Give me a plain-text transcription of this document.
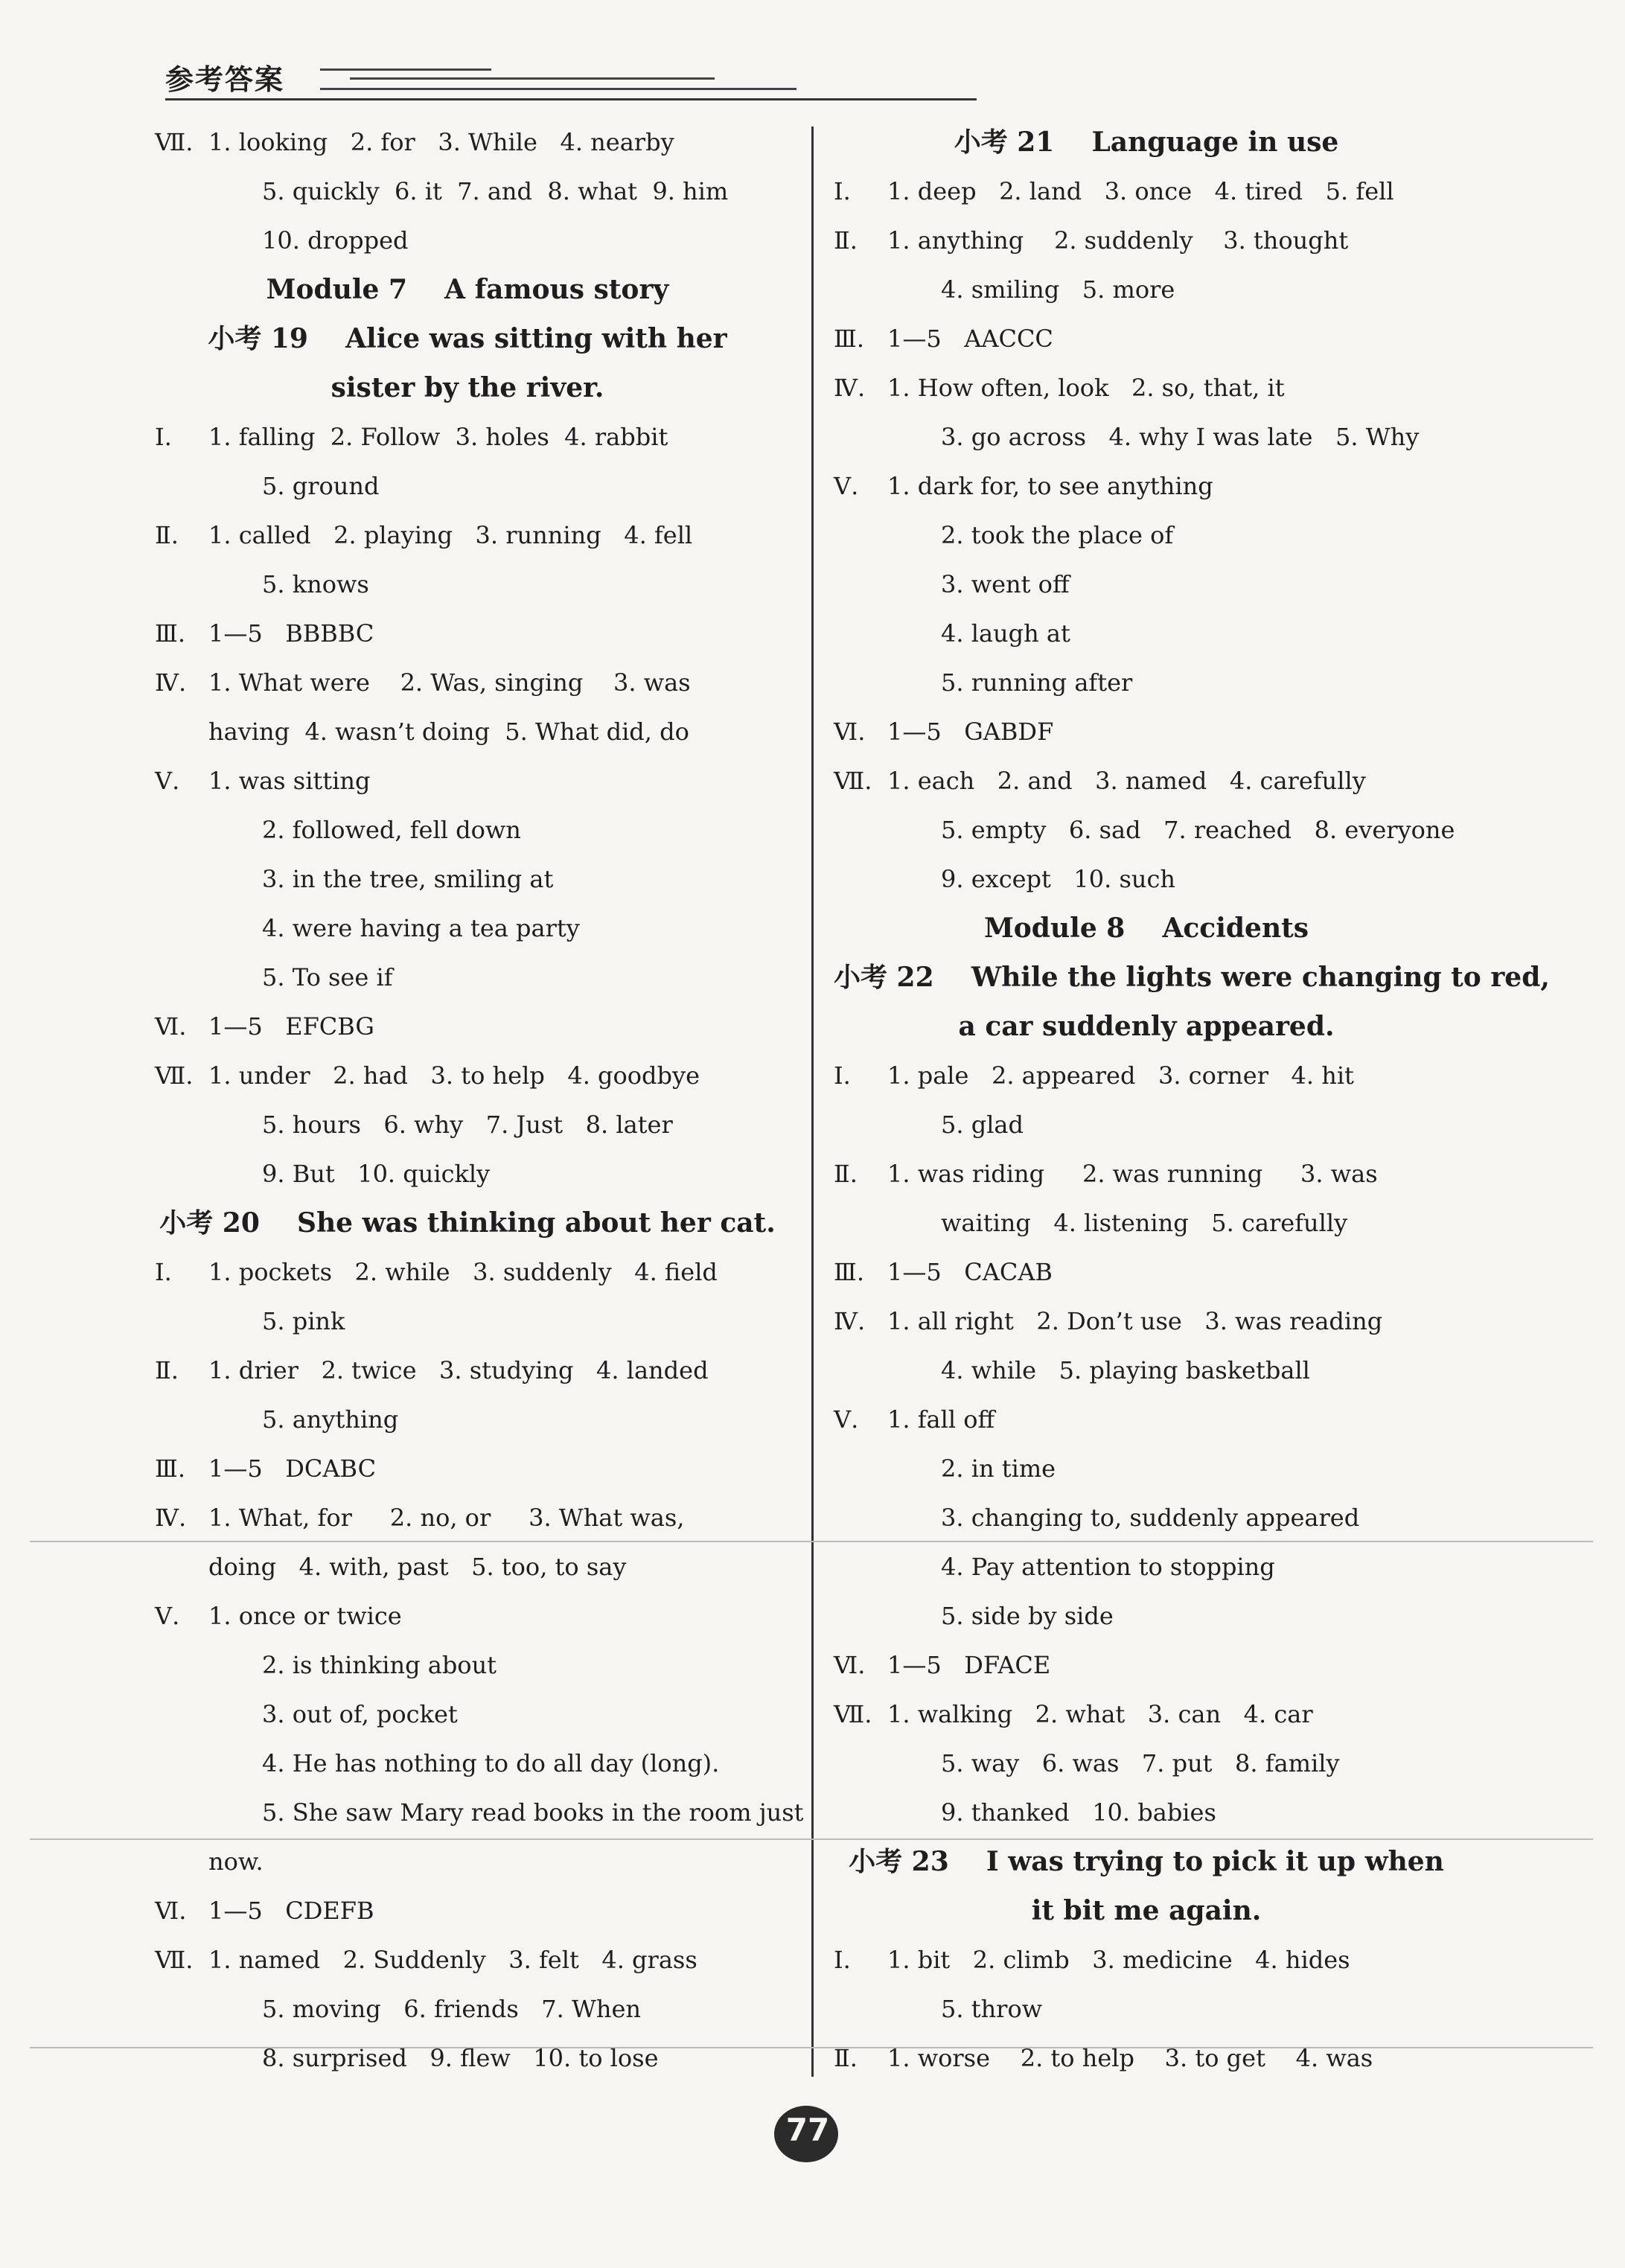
参考答案
Ⅶ. 1. looking   2. for   3. While   4. nearby
5. quickly  6. it  7. and  8. what  9. him
10. dropped
Module 7    A famous story
小考 19    Alice was sitting with her
sister by the river.
Ⅰ. 1. falling  2. Follow  3. holes  4. rabbit
5. ground
Ⅱ. 1. called   2. playing   3. running   4. fell
5. knows
Ⅲ. 1—5   BBBBC
Ⅳ. 1. What were    2. Was, singing    3. was
having  4. wasn’t doing  5. What did, do
Ⅴ. 1. was sitting
2. followed, fell down
3. in the tree, smiling at
4. were having a tea party
5. To see if
Ⅵ. 1—5   EFCBG
Ⅶ. 1. under   2. had   3. to help   4. goodbye
5. hours   6. why   7. Just   8. later
9. But   10. quickly
小考 20    She was thinking about her cat.
Ⅰ. 1. pockets   2. while   3. suddenly   4. field
5. pink
Ⅱ. 1. drier   2. twice   3. studying   4. landed
5. anything
Ⅲ. 1—5   DCABC
Ⅳ. 1. What, for     2. no, or     3. What was,
doing   4. with, past   5. too, to say
Ⅴ. 1. once or twice
2. is thinking about
3. out of, pocket
4. He has nothing to do all day (long).
5. She saw Mary read books in the room just
now.
Ⅵ. 1—5   CDEFB
Ⅶ. 1. named   2. Suddenly   3. felt   4. grass
5. moving   6. friends   7. When
8. surprised   9. flew   10. to lose
小考 21    Language in use
Ⅰ. 1. deep   2. land   3. once   4. tired   5. fell
Ⅱ. 1. anything    2. suddenly    3. thought
4. smiling   5. more
Ⅲ. 1—5   AACCC
Ⅳ. 1. How often, look   2. so, that, it
3. go across   4. why I was late   5. Why
Ⅴ. 1. dark for, to see anything
2. took the place of
3. went off
4. laugh at
5. running after
Ⅵ. 1—5   GABDF
Ⅶ. 1. each   2. and   3. named   4. carefully
5. empty   6. sad   7. reached   8. everyone
9. except   10. such
Module 8    Accidents
小考 22    While the lights were changing to red,
a car suddenly appeared.
Ⅰ. 1. pale   2. appeared   3. corner   4. hit
5. glad
Ⅱ. 1. was riding     2. was running     3. was
waiting   4. listening   5. carefully
Ⅲ. 1—5   CACAB
Ⅳ. 1. all right   2. Don’t use   3. was reading
4. while   5. playing basketball
Ⅴ. 1. fall off
2. in time
3. changing to, suddenly appeared
4. Pay attention to stopping
5. side by side
Ⅵ. 1—5   DFACE
Ⅶ. 1. walking   2. what   3. can   4. car
5. way   6. was   7. put   8. family
9. thanked   10. babies
小考 23    I was trying to pick it up when
it bit me again.
Ⅰ. 1. bit   2. climb   3. medicine   4. hides
5. throw
Ⅱ. 1. worse    2. to help    3. to get    4. was
77
